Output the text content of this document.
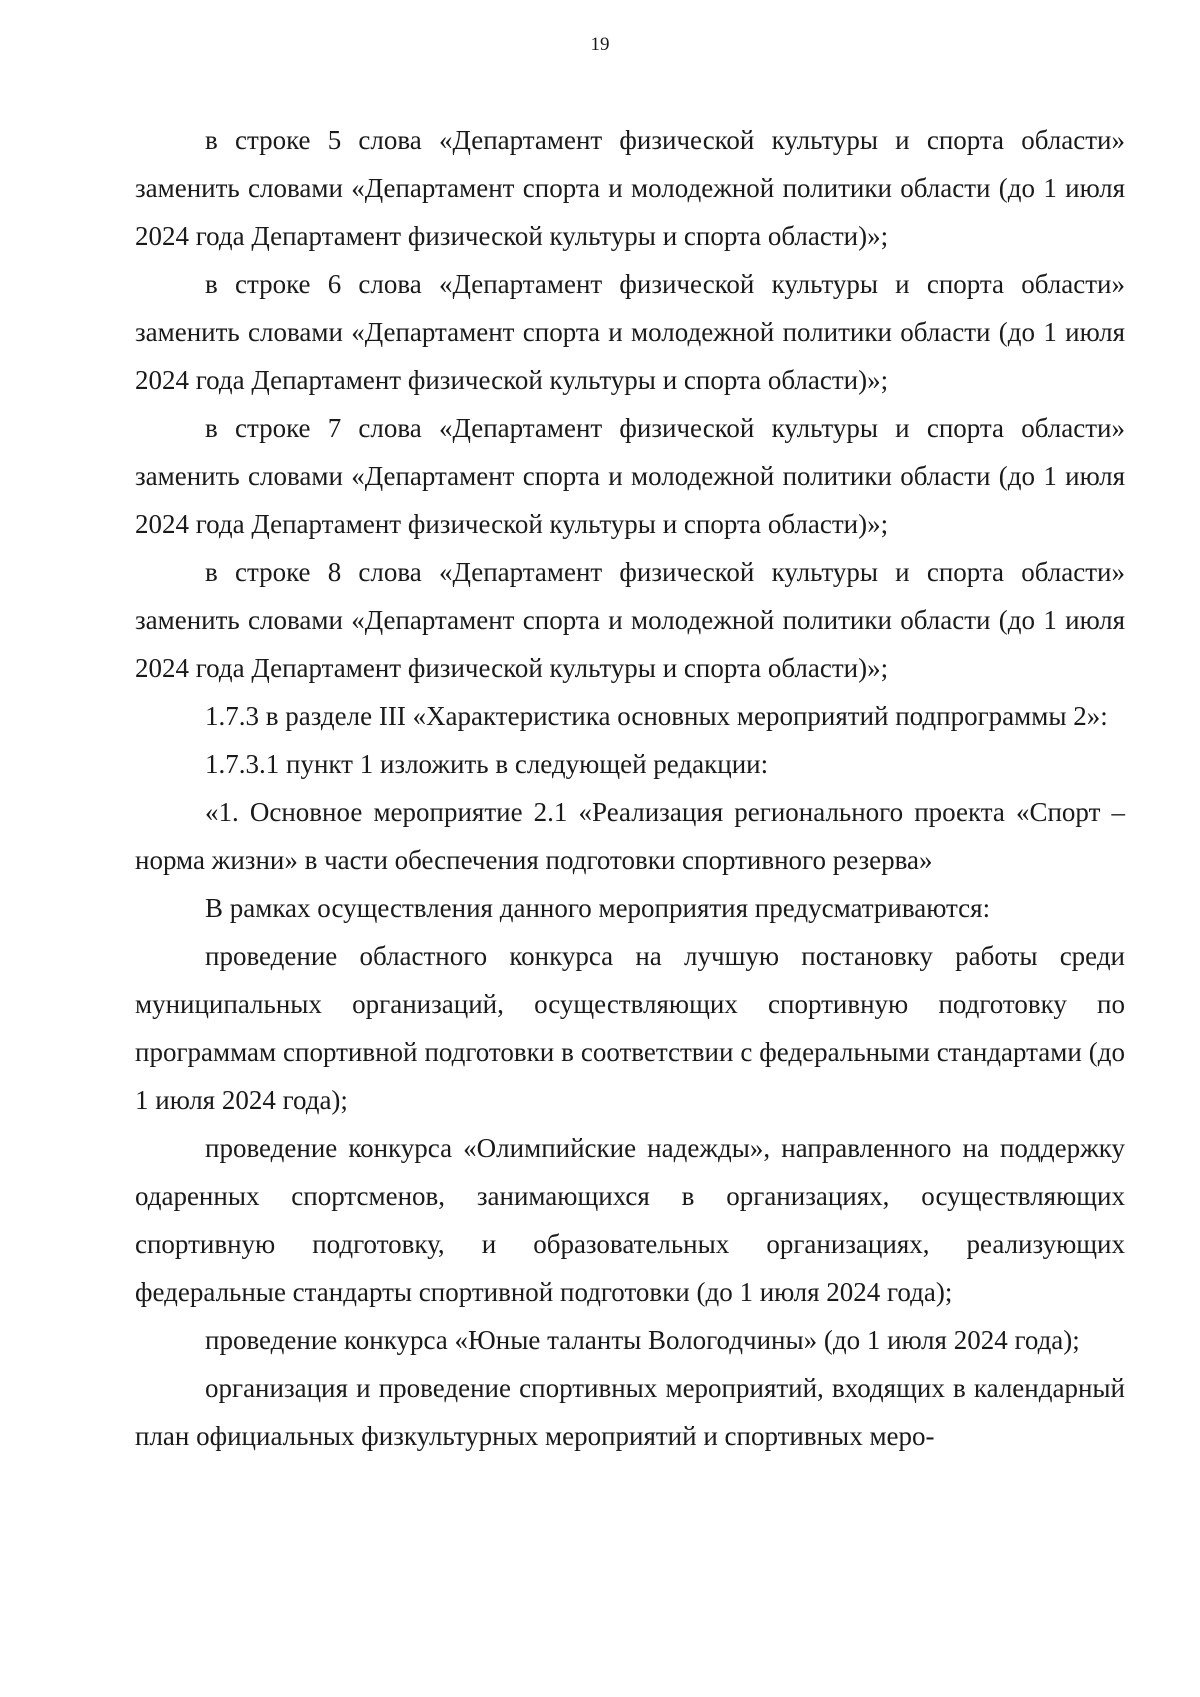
19

в строке 5 слова «Департамент физической культуры и спорта области» заменить словами «Департамент спорта и молодежной политики области (до 1 июля 2024 года Департамент физической культуры и спорта области)»;

в строке 6 слова «Департамент физической культуры и спорта области» заменить словами «Департамент спорта и молодежной политики области (до 1 июля 2024 года Департамент физической культуры и спорта области)»;

в строке 7 слова «Департамент физической культуры и спорта области» заменить словами «Департамент спорта и молодежной политики области (до 1 июля 2024 года Департамент физической культуры и спорта области)»;

в строке 8 слова «Департамент физической культуры и спорта области» заменить словами «Департамент спорта и молодежной политики области (до 1 июля 2024 года Департамент физической культуры и спорта области)»;

1.7.3 в разделе III «Характеристика основных мероприятий подпрограммы 2»:

1.7.3.1 пункт 1 изложить в следующей редакции:

«1. Основное мероприятие 2.1 «Реализация регионального проекта «Спорт – норма жизни» в части обеспечения подготовки спортивного резерва»

В рамках осуществления данного мероприятия предусматриваются:

проведение областного конкурса на лучшую постановку работы среди муниципальных организаций, осуществляющих спортивную подготовку по программам спортивной подготовки в соответствии с федеральными стандартами (до 1 июля 2024 года);

проведение конкурса «Олимпийские надежды», направленного на поддержку одаренных спортсменов, занимающихся в организациях, осуществляющих спортивную подготовку, и образовательных организациях, реализующих федеральные стандарты спортивной подготовки (до 1 июля 2024 года);

проведение конкурса «Юные таланты Вологодчины» (до 1 июля 2024 года);

организация и проведение спортивных мероприятий, входящих в календарный план официальных физкультурных мероприятий и спортивных меро-
